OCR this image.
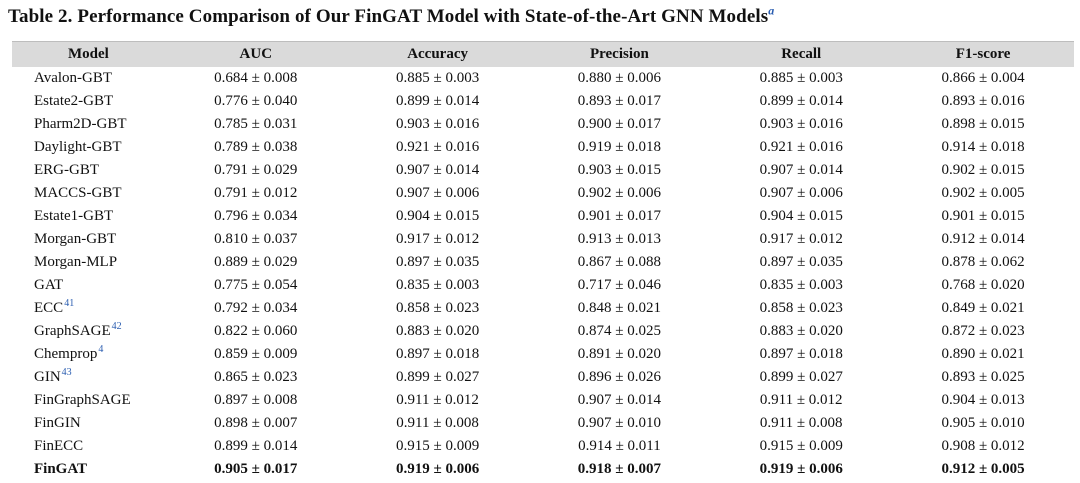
Table 2. Performance Comparison of Our FinGAT Model with State-of-the-Art GNN Models$^a$
Model	AUC	Accuracy	Precision	Recall	F1-score
Avalon-GBT	0.684 ± 0.008	0.885 ± 0.003	0.880 ± 0.006	0.885 ± 0.003	0.866 ± 0.004
Estate2-GBT	0.776 ± 0.040	0.899 ± 0.014	0.893 ± 0.017	0.899 ± 0.014	0.893 ± 0.016
Pharm2D-GBT	0.785 ± 0.031	0.903 ± 0.016	0.900 ± 0.017	0.903 ± 0.016	0.898 ± 0.015
Daylight-GBT	0.789 ± 0.038	0.921 ± 0.016	0.919 ± 0.018	0.921 ± 0.016	0.914 ± 0.018
ERG-GBT	0.791 ± 0.029	0.907 ± 0.014	0.903 ± 0.015	0.907 ± 0.014	0.902 ± 0.015
MACCS-GBT	0.791 ± 0.012	0.907 ± 0.006	0.902 ± 0.006	0.907 ± 0.006	0.902 ± 0.005
Estate1-GBT	0.796 ± 0.034	0.904 ± 0.015	0.901 ± 0.017	0.904 ± 0.015	0.901 ± 0.015
Morgan-GBT	0.810 ± 0.037	0.917 ± 0.012	0.913 ± 0.013	0.917 ± 0.012	0.912 ± 0.014
Morgan-MLP	0.889 ± 0.029	0.897 ± 0.035	0.867 ± 0.088	0.897 ± 0.035	0.878 ± 0.062
GAT	0.775 ± 0.054	0.835 ± 0.003	0.717 ± 0.046	0.835 ± 0.003	0.768 ± 0.020
ECC$^{41}$	0.792 ± 0.034	0.858 ± 0.023	0.848 ± 0.021	0.858 ± 0.023	0.849 ± 0.021
GraphSAGE$^{42}$	0.822 ± 0.060	0.883 ± 0.020	0.874 ± 0.025	0.883 ± 0.020	0.872 ± 0.023
Chemprop$^4$	0.859 ± 0.009	0.897 ± 0.018	0.891 ± 0.020	0.897 ± 0.018	0.890 ± 0.021
GIN$^{43}$	0.865 ± 0.023	0.899 ± 0.027	0.896 ± 0.026	0.899 ± 0.027	0.893 ± 0.025
FinGraphSAGE	0.897 ± 0.008	0.911 ± 0.012	0.907 ± 0.014	0.911 ± 0.012	0.904 ± 0.013
FinGIN	0.898 ± 0.007	0.911 ± 0.008	0.907 ± 0.010	0.911 ± 0.008	0.905 ± 0.010
FinECC	0.899 ± 0.014	0.915 ± 0.009	0.914 ± 0.011	0.915 ± 0.009	0.908 ± 0.012
FinGAT	0.905 ± 0.017	0.919 ± 0.006	0.918 ± 0.007	0.919 ± 0.006	0.912 ± 0.005
